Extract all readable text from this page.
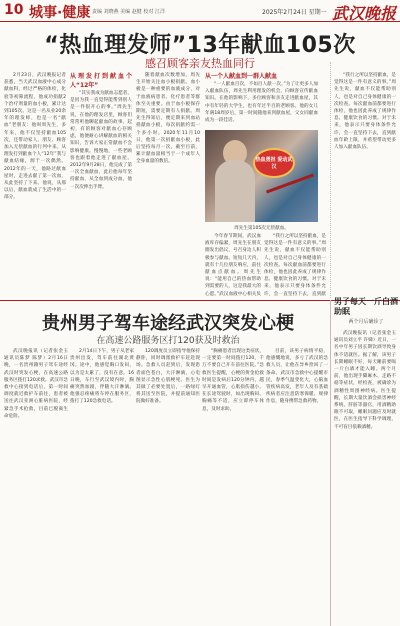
10 城事·健康 责编 刘晓燕 美编 赵健 校对 江洋	2025年2月24日 星期一 武汉晚报
“热血理发师”13年献血105次
感召顾客亲友热血同行

2月23日，武汉晚报记者获悉，当天武汉血液中心成分献血科，经过严格的体检，化验等初筛流程，他成功捐献2个治疗剂量的血小板，累计达到105次。这是一名从业20余年的理发师，也是一名“献血”老朋友：他叫周先生，多年来，他不仅坚持献血105次，还带动家人、朋友、顾客加入无偿献血的行列中来。从理发打到献血个人“12年”我与献血结缘，源于一次偶然。2012年的一天，他路过献血屋时，走进去献了第一次血，从此坚持了下来。他说，从那以后，献血就成了生活中的一部分。

从理发打到献血个人“12年”

“其实我成为献血志愿者，是因为我一直觉得能帮到别人是一件很开心的事。”周先生说，在他的理发店里，顾客们常常听他聊起献血的故事。起初，有的顾客对献血心存顾虑，他便耐心讲解献血的相关知识，告诉大家正常献血不会影响健康。慢慢地，一些老顾客也跟着他走进了献血屋。2012年9月28日，他完成了第一次全血献血，此后他每年坚持献血，从全血到成分血，他一次次伸出手臂。

随着献血次数增加，周先生开始关注血小板捐献。血小板是一种重要的血液成分，对于血液病患者、化疗患者等群体至关重要。由于血小板保存期短，需要定期有人捐献。周先生得知后，便定期来到血站捐献血小板，每次捐献约需一个多小时。2020年11月10日，他第一次捐献血小板，此后坚持每月一次，截至目前，累计献血量相当于一个成年人全身血量的数倍。

从一个人献血到一群人献血

“一人献血百次，不如百人献一次。”为了让更多人加入献血队伍，周先生利用理发的机会，向顾客宣传献血知识。在他的影响下，多位顾客和亲友走进献血屋，其中有年轻的大学生，也有年过半百的老顾客。他的女儿年满18周岁后，第一时间随他来到献血屋，父女同献血成为一段佳话。

热血勇担 爱动武汉
周先生第105次无偿献血。

今年春节期间，武汉血液库存偏紧，周先生在朋友圈发出倡议，号召身边人积极参与献血。短短几天内，就有十几位朋友响应，前往献血点献血。周先生说：“能用自己的热血帮助到需要的人，这是我最大的心愿。”武汉血液中心相关负

“我行之所以坚持献血，是觉得这是一件有意义的事。”周先生说，献血不仅能帮助别人，也是对自己身体健康的一次检查。每次献血前都要进行体检，他也因此养成了规律作息、健康饮食的习惯。对于未来，他表示只要身体条件允许，会一直坚持下去，直到献

“我行之所以坚持献血，是觉得这是一件有意义的事。”周先生说，献血不仅能帮助别人，也是对自己身体健康的一次检查。每次献血前都要进行体检，他也因此养成了规律作息、健康饮食的习惯。对于未来，他表示只要身体条件允许，会一直坚持下去，直到献血年龄上限，并希望带动更多人加入献血队伍。

贵州男子驾车途经武汉突发心梗
在高速公路服务区打120获及时救治

武汉晚报讯（记者张金玉 通讯员陈梦 陈梦）2月16日晚，一名贵州籍男子驾车途经武汉时突发心梗，在高速公路服务区拨打120求救。武汉市急救中心接到电话后，第一时间调度就近救护车前往，患者被送往武汉亚洲心脏病医院，经紧急手术抢救，目前已脱离生命危险。

2月14日下午，男子从老家贵州出发，驾车前往湖北黄冈。途中，他感觉胸口发闷，以为是太累了，没有在意。16日晚，车行至武汉境内时，胸痛突然加剧，伴随大汗淋漓。他强忍疼痛将车停在服务区，拨打了120急救电话。

120调度员立即指导他保持静卧，同时调派救护车赶赴现场。急救人员赶到后，发现患者面色苍白，大汗淋漓，心电图显示急性心肌梗死。医生为其做了必要处置后，一路绿灯将其送至医院，并提前通知医院做好准备。

“胸痛患者出现这类症状，一定要第一时间拨打120，千万不要自己开车前往医院。”急救医生提醒，心梗的黄金抢救时间是发病后120分钟内，越早开通血管，心肌损伤越小。在长途驾驶时，如出现胸闷、胸痛等不适，应立即停车休息，及时求助。

目前，该男子病情平稳，他感慨地说，多亏了武汉的急救人员，让他在异乡捡回了一条命。武汉市急救中心提醒市民，春季气温变化大，心脑血管疾病高发，老年人及有基础疾病者应注意防寒保暖、规律作息，随身携带急救药物。

男子每天一斤白酒助眠
两个月后确诊了

武汉晚报讯（记者张金玉 通讯员刘立平 许娣）近日，一名中年男子因长期饮酒导致身体不适就医。据了解，该男子长期睡眠不好，每天睡前要喝一斤白酒才能入睡。两个月前，他出现手脚麻木、走路不稳等症状，经检查，被确诊为酒精性周围神经病。医生提醒，长期大量饮酒会损害神经系统、肝脏等器官，用酒精助眠不可取，睡眠问题应及时就医，在医生指导下科学调理，不可盲目依赖酒精。
